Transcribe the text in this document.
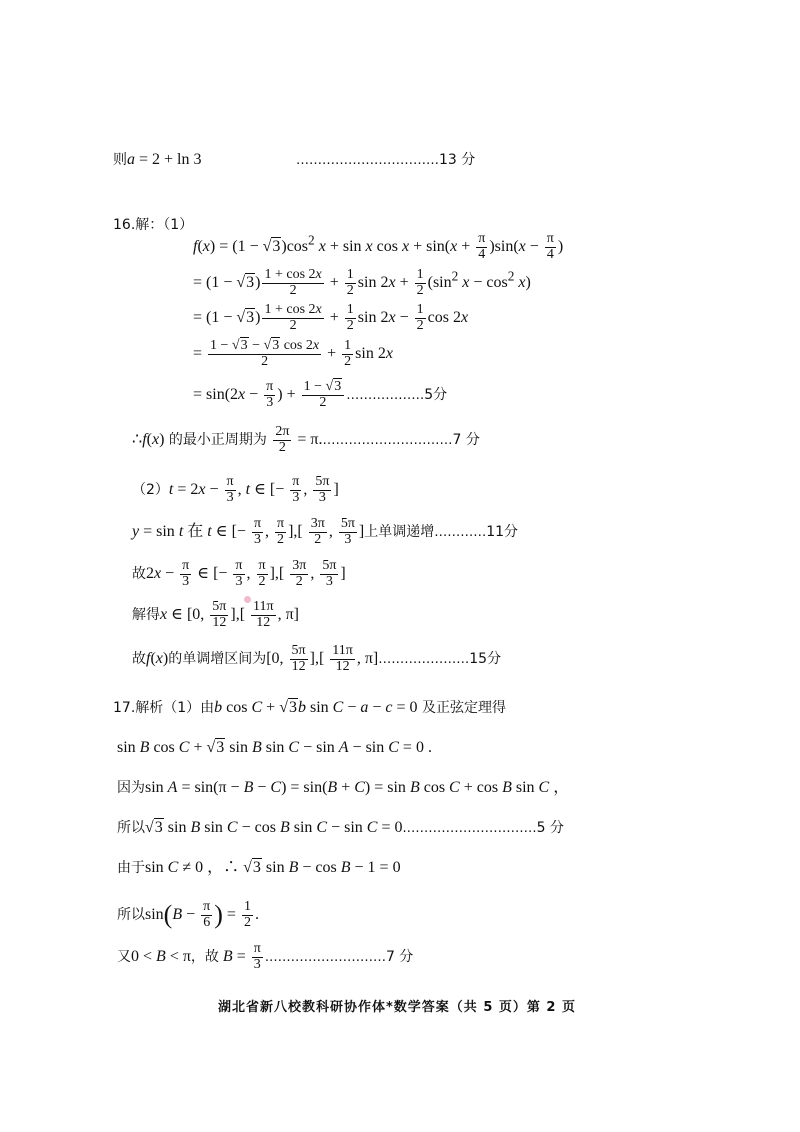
则a = 2 + ln 3	……………………………13 分
16.解：（1）
$f(x) = (1 - √3)\cos^2$ x + sin x $\cos x + \sin(x + \frac{\pi}{4} )\sin(x - \frac{\pi}{4}$ )
= $(1 - √3) \frac{1 + \cos 2x}{2} + \frac{1}{2}$ $\sin 2x + \frac{1}{2} (\sin^2$ $x - \cos^2 x$)
= $(1 - √3) \frac{1 + \cos 2x}{2} + \frac{1}{2}$ $\sin 2x - \frac{1}{2}$ cos 2x
= $\frac{1 - √3 - √3 \cos 2x}{2} + \frac{1}{2}$ sin 2x
= $\sin(2x - \frac{\pi}{3}$ ) + $\frac{1 - √3}{2}$ ………………5分
∴f(x) 的最小正周期为 $\frac{2\pi}{2}$ = π.…………………………7 分
$(2)t = 2x - \frac{\pi}{3}$ , t ∈ [− $\frac{\pi}{3}$ , $\frac{5\pi}{3}$ ]
y = sin t 在 t ∈ [− $\frac{\pi}{3}$ , $\frac{\pi}{2}$ ],[ $\frac{3\pi}{2}$ , $\frac{5\pi}{3}$ ]上单调递增…………11分
故$2x - \frac{\pi}{3}$ ∈ [− $\frac{\pi}{3}$ , $\frac{\pi}{2}$ ],[ $\frac{3\pi}{2}$ , $\frac{5\pi}{3}$ ]
解得x ∈ [0, $\frac{5\pi}{12}$ ],[ $\frac{11\pi}{12}$ , π]
故f(x)的单调增区间为[0, $\frac{5\pi}{12}$ ],[ $\frac{11\pi}{12}$ , π]…………………15分
17.解析（1）由b cos C + √3b sin C − a − c = 0 及正弦定理得
sin B cos C + √3 sin B sin C − sin A − sin C = 0 .
因为sin A = sin(π − B − C) = sin(B + C) = sin B cos C + cos B sin C ，
所以√3 sin B sin C − cos B sin C − sin C = 0.…………………………5 分
由于sin C ≠ 0 ，∴ √3 sin B − cos B − 1 = 0
所以$\sin(B - \frac{\pi}{6}$ ) = $\frac{1}{2}$ .
又0 < B < π，故 $B = \frac{\pi}{3}$ .………………………7 分
湖北省新八校教科研协作体*数学答案（共 5 页）第 2 页
